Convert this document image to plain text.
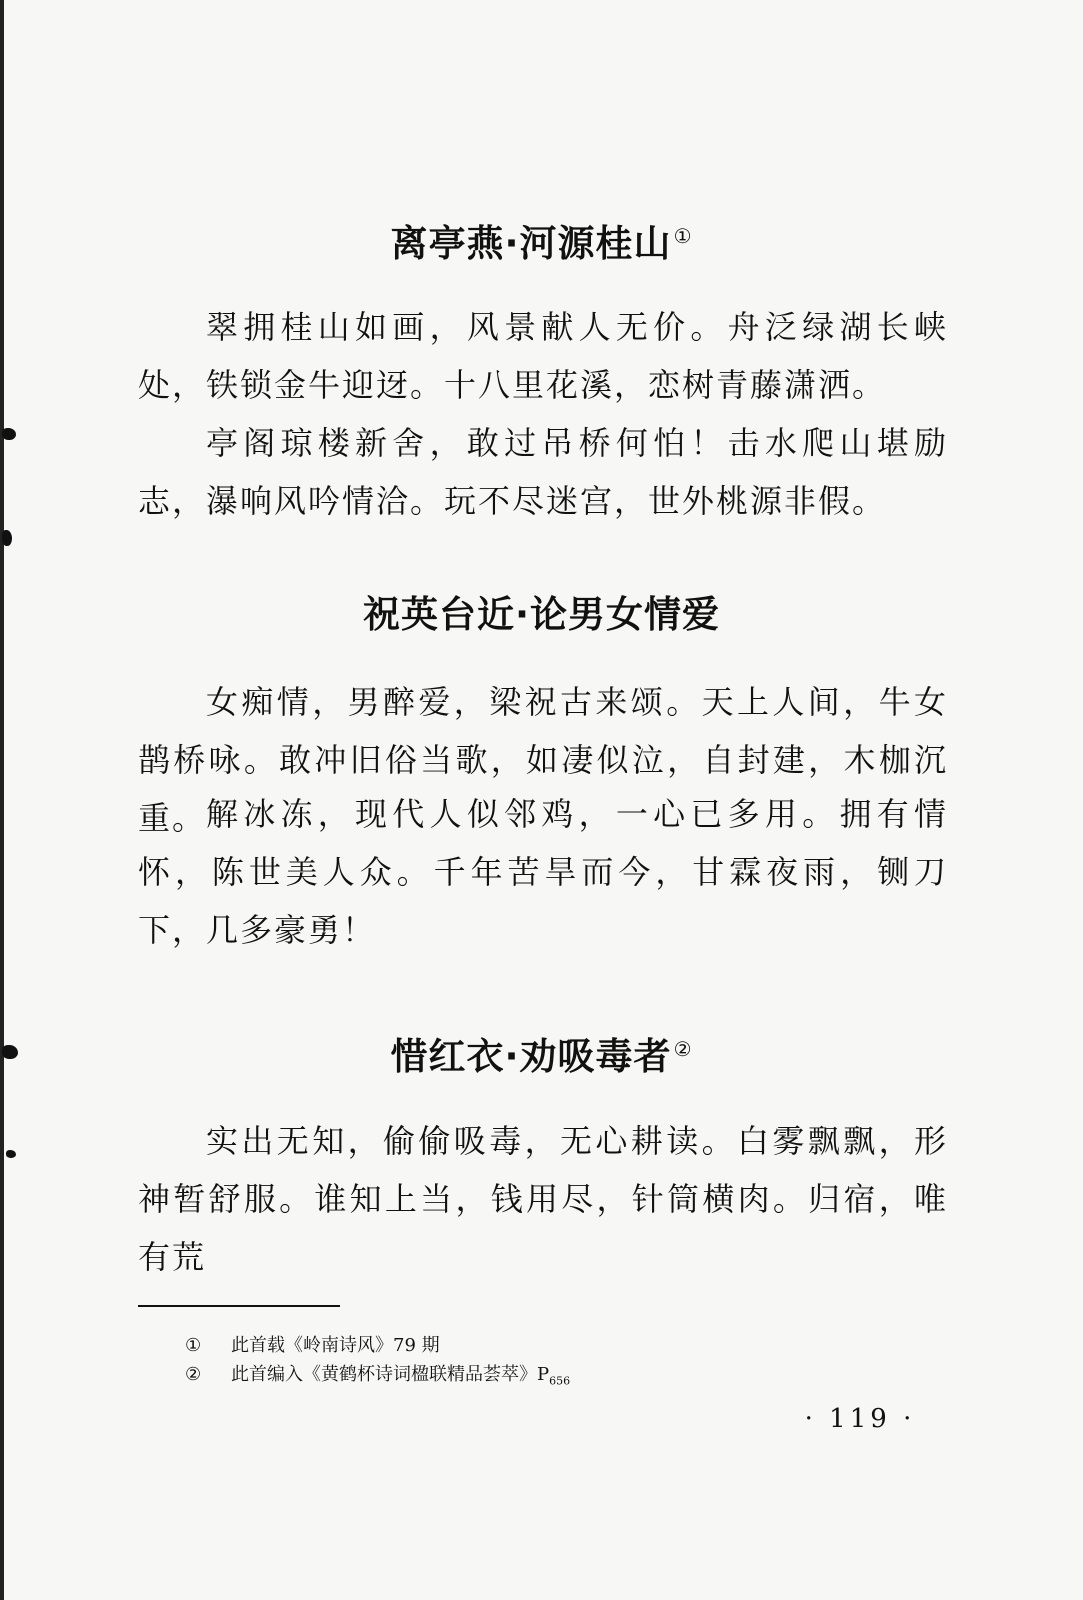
离亭燕·河源桂山 ①

翠拥桂山如画，风景献人无价。舟泛绿湖长峡处，铁锁金牛迎迓。十八里花溪，恋树青藤潇洒。

亭阁琼楼新舍，敢过吊桥何怕！击水爬山堪励志，瀑响风吟情洽。玩不尽迷宫，世外桃源非假。

祝英台近·论男女情爱

女痴情，男醉爱，梁祝古来颂。天上人间，牛女鹊桥咏。敢冲旧俗当歌，如凄似泣，自封建，木枷沉重。 解冰冻，现代人似邻鸡，一心已多用。拥有情怀，陈世美人众。千年苦旱而今，甘霖夜雨，铡刀下，几多豪勇！

惜红衣·劝吸毒者 ②

实出无知，偷偷吸毒，无心耕读。白雾飘飘，形神暂舒服。谁知上当，钱用尽，针筒横肉。归宿，唯有荒

① 此首载《岭南诗风》79 期

② 此首编入《黄鹤杯诗词楹联精品荟萃》$P_{656}$

· 119 ·
